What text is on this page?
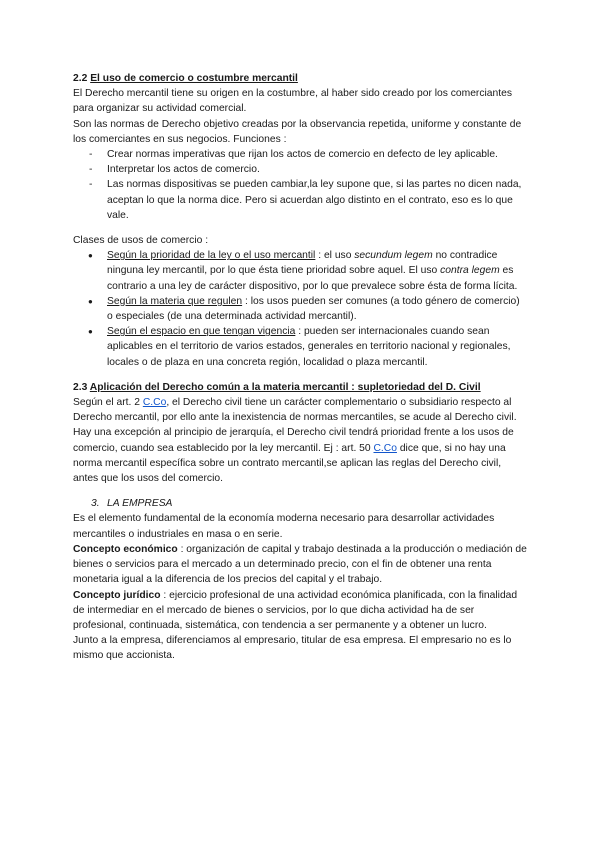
2.2 El uso de comercio o costumbre mercantil

El Derecho mercantil tiene su origen en la costumbre, al haber sido creado por los comerciantes para organizar su actividad comercial.

Son las normas de Derecho objetivo creadas por la observancia repetida, uniforme y constante de los comerciantes en sus negocios. Funciones :

- Crear normas imperativas que rijan los actos de comercio en defecto de ley aplicable.
- Interpretar los actos de comercio.
- Las normas dispositivas se pueden cambiar,la ley supone que, si las partes no dicen nada, aceptan lo que la norma dice. Pero si acuerdan algo distinto en el contrato, eso es lo que vale.

Clases de usos de comercio :

● Según la prioridad de la ley o el uso mercantil : el uso secundum legem no contradice ninguna ley mercantil, por lo que ésta tiene prioridad sobre aquel. El uso contra legem es contrario a una ley de carácter dispositivo, por lo que prevalece sobre ésta de forma lícita.
● Según la materia que regulen : los usos pueden ser comunes (a todo género de comercio) o especiales (de una determinada actividad mercantil).
● Según el espacio en que tengan vigencia : pueden ser internacionales cuando sean aplicables en el territorio de varios estados, generales en territorio nacional y regionales, locales o de plaza en una concreta región, localidad o plaza mercantil.

2.3 Aplicación del Derecho común a la materia mercantil : supletoriedad del D. Civil

Según el art. 2 C.Co, el Derecho civil tiene un carácter complementario o subsidiario respecto al Derecho mercantil, por ello ante la inexistencia de normas mercantiles, se acude al Derecho civil.

Hay una excepción al principio de jerarquía, el Derecho civil tendrá prioridad frente a los usos de comercio, cuando sea establecido por la ley mercantil. Ej : art. 50 C.Co dice que, si no hay una norma mercantil específica sobre un contrato mercantil,se aplican las reglas del Derecho civil, antes que los usos del comercio.

3. LA EMPRESA

Es el elemento fundamental de la economía moderna necesario para desarrollar actividades mercantiles o industriales en masa o en serie.

Concepto económico : organización de capital y trabajo destinada a la producción o mediación de bienes o servicios para el mercado a un determinado precio, con el fin de obtener una renta monetaria igual a la diferencia de los precios del capital y el trabajo.

Concepto jurídico : ejercicio profesional de una actividad económica planificada, con la finalidad de intermediar en el mercado de bienes o servicios, por lo que dicha actividad ha de ser profesional, continuada, sistemática, con tendencia a ser permanente y a obtener un lucro.

Junto a la empresa, diferenciamos al empresario, titular de esa empresa. El empresario no es lo mismo que accionista.
